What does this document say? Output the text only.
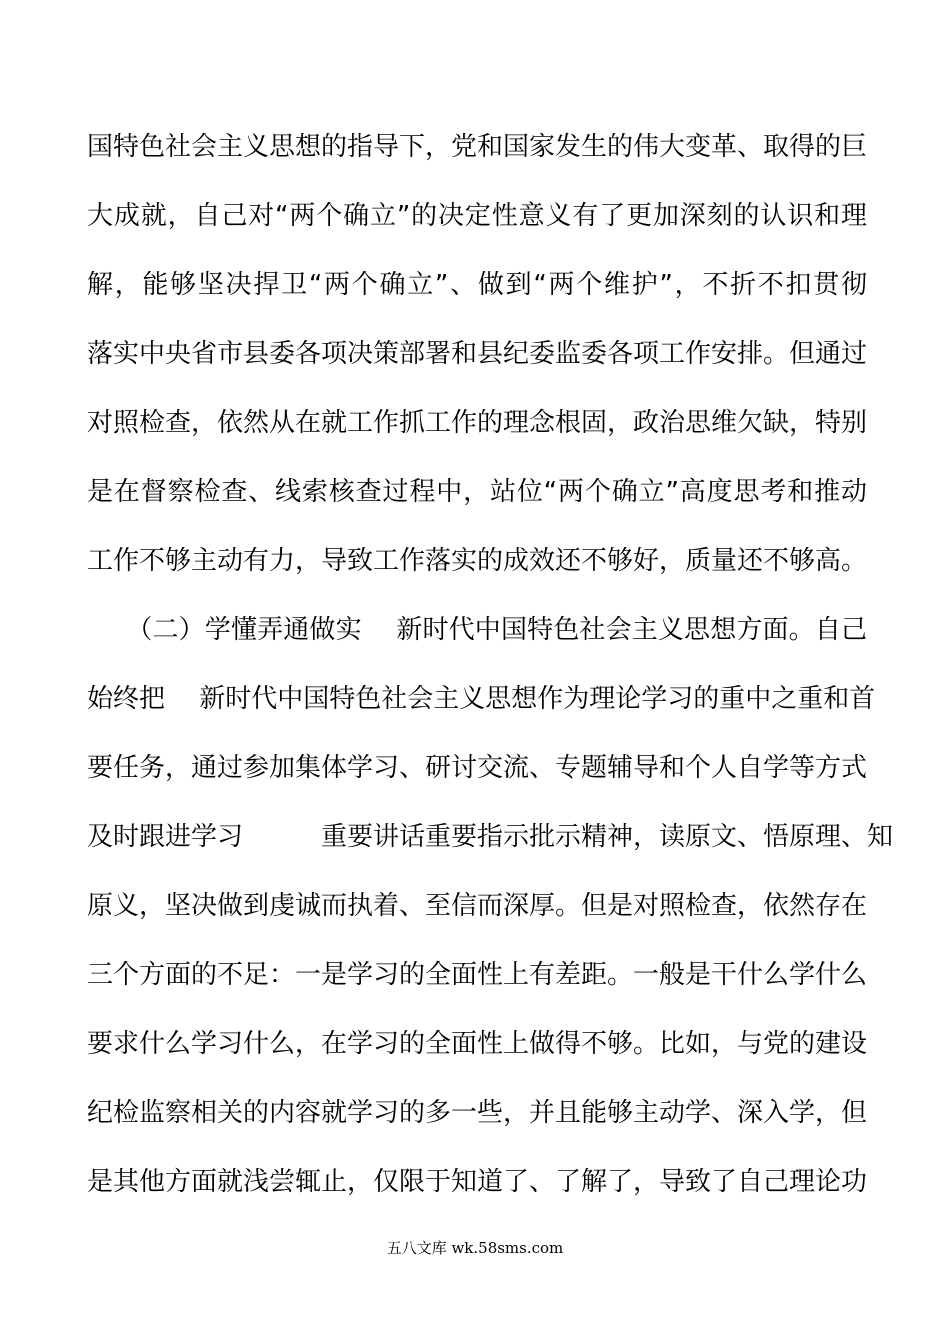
国特色社会主义思想的指导下，党和国家发生的伟大变革、取得的巨
大成就，自己对“两个确立”的决定性意义有了更加深刻的认识和理
解，能够坚决捍卫“两个确立”、做到“两个维护”，不折不扣贯彻
落实中央省市县委各项决策部署和县纪委监委各项工作安排。但通过
对照检查，依然从在就工作抓工作的理念根固，政治思维欠缺，特别
是在督察检查、线索核查过程中，站位“两个确立”高度思考和推动
工作不够主动有力，导致工作落实的成效还不够好，质量还不够高。
　　（二）学懂弄通做实　 新时代中国特色社会主义思想方面。自己
始终把　 新时代中国特色社会主义思想作为理论学习的重中之重和首
要任务，通过参加集体学习、研讨交流、专题辅导和个人自学等方式
及时跟进学习　　　重要讲话重要指示批示精神，读原文、悟原理、知
原义，坚决做到虔诚而执着、至信而深厚。但是对照检查，依然存在
三个方面的不足：一是学习的全面性上有差距。一般是干什么学什么
要求什么学习什么，在学习的全面性上做得不够。比如，与党的建设
纪检监察相关的内容就学习的多一些，并且能够主动学、深入学，但
是其他方面就浅尝辄止，仅限于知道了、了解了，导致了自己理论功
五八文库 wk.58sms.com
